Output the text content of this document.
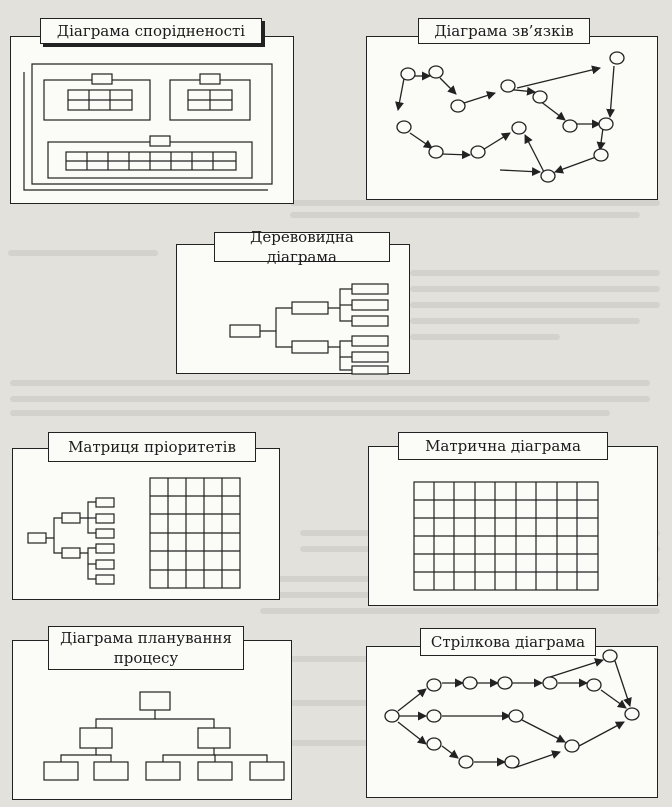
Діаграма спорідненості	Діаграма зв’язків
Деревовидна діаграма
Матриця пріоритетів	Матрична діаграма
Діаграма планування
процесу
Стрілкова діаграма
